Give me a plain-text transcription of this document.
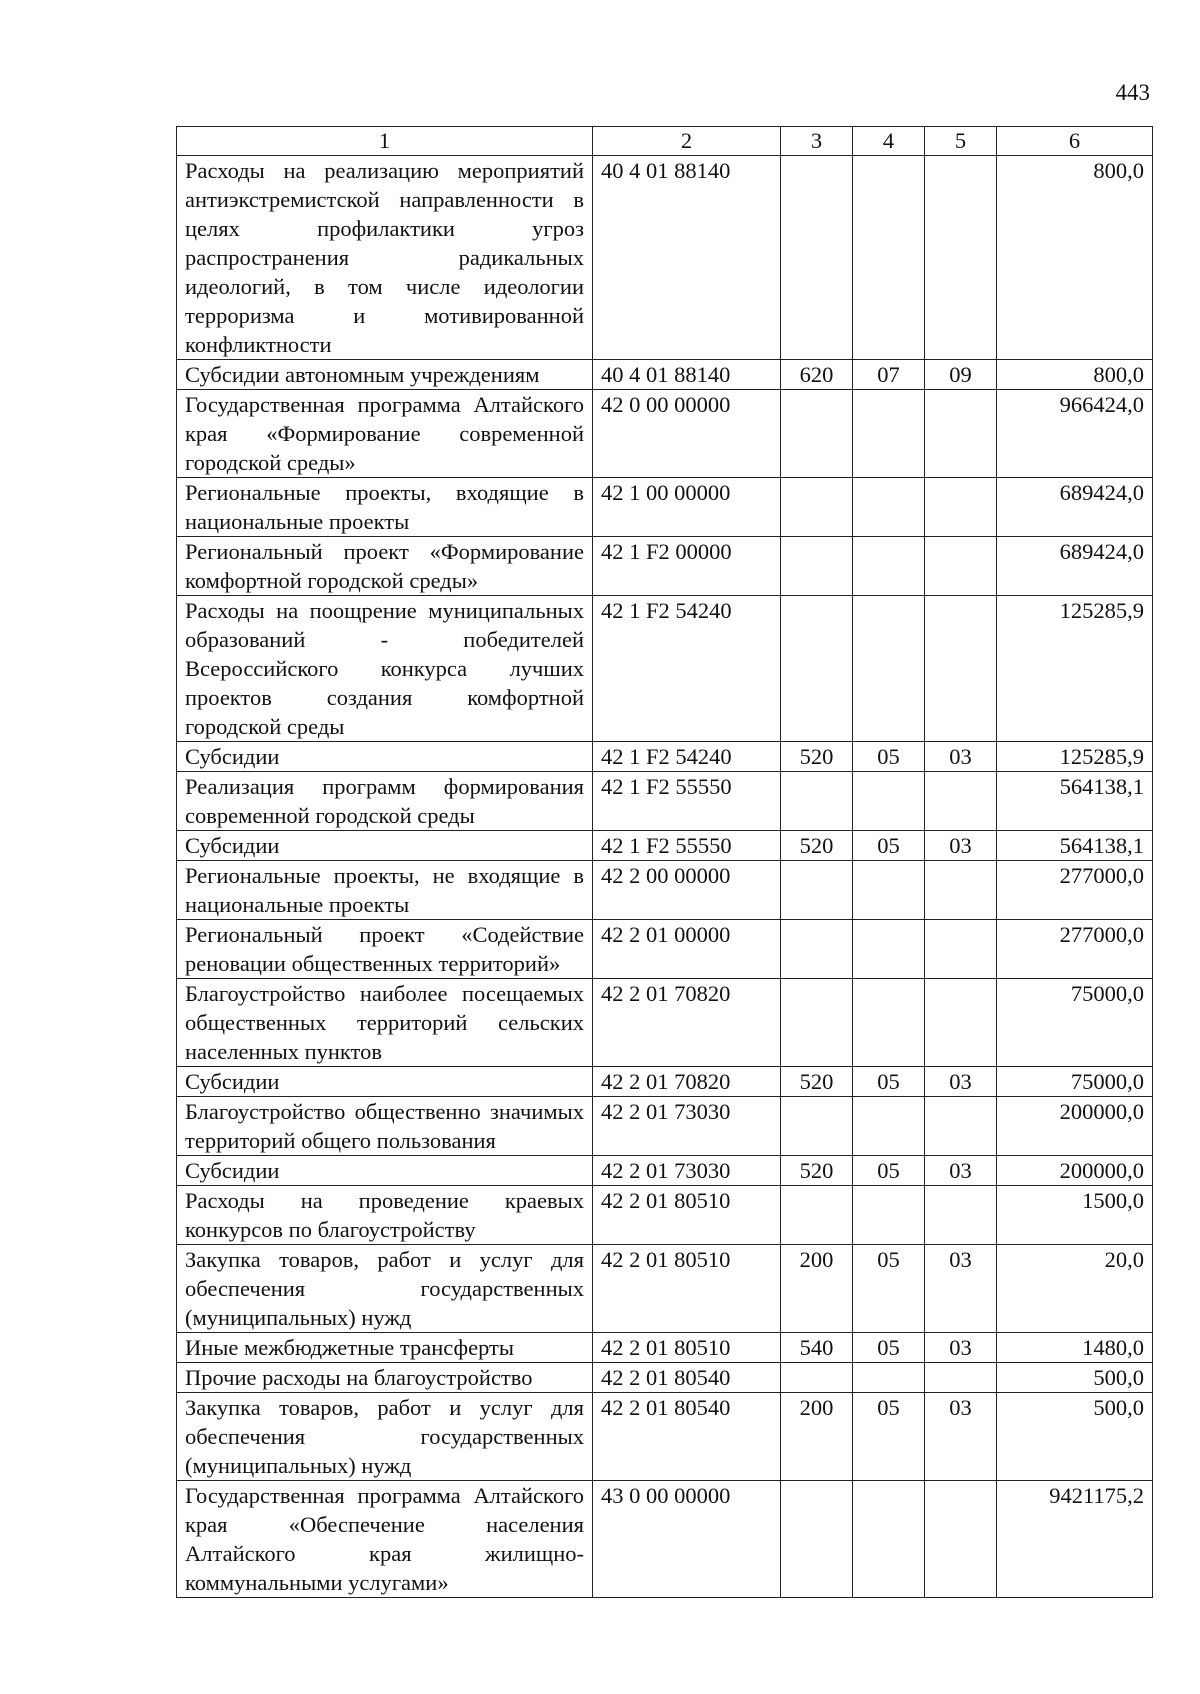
443
1	2	3	4	5	6
Расходы на реализацию мероприятий антиэкстремистской направленности в целях профилактики угроз распространения радикальных идеологий, в том числе идеологии терроризма и мотивированной конфликтности	40 4 01 88140				800,0
Субсидии автономным учреждениям	40 4 01 88140	620	07	09	800,0
Государственная программа Алтайского края «Формирование современной городской среды»	42 0 00 00000				966424,0
Региональные проекты, входящие в национальные проекты	42 1 00 00000				689424,0
Региональный проект «Формирование комфортной городской среды»	42 1 F2 00000				689424,0
Расходы на поощрение муниципальных образований - победителей Всероссийского конкурса лучших проектов создания комфортной городской среды	42 1 F2 54240				125285,9
Субсидии	42 1 F2 54240	520	05	03	125285,9
Реализация программ формирования современной городской среды	42 1 F2 55550				564138,1
Субсидии	42 1 F2 55550	520	05	03	564138,1
Региональные проекты, не входящие в национальные проекты	42 2 00 00000				277000,0
Региональный проект «Содействие реновации общественных территорий»	42 2 01 00000				277000,0
Благоустройство наиболее посещаемых общественных территорий сельских населенных пунктов	42 2 01 70820				75000,0
Субсидии	42 2 01 70820	520	05	03	75000,0
Благоустройство общественно значимых территорий общего пользования	42 2 01 73030				200000,0
Субсидии	42 2 01 73030	520	05	03	200000,0
Расходы на проведение краевых конкурсов по благоустройству	42 2 01 80510				1500,0
Закупка товаров, работ и услуг для обеспечения государственных (муниципальных) нужд	42 2 01 80510	200	05	03	20,0
Иные межбюджетные трансферты	42 2 01 80510	540	05	03	1480,0
Прочие расходы на благоустройство	42 2 01 80540				500,0
Закупка товаров, работ и услуг для обеспечения государственных (муниципальных) нужд	42 2 01 80540	200	05	03	500,0
Государственная программа Алтайского края «Обеспечение населения Алтайского края жилищно-коммунальными услугами»	43 0 00 00000				9421175,2
